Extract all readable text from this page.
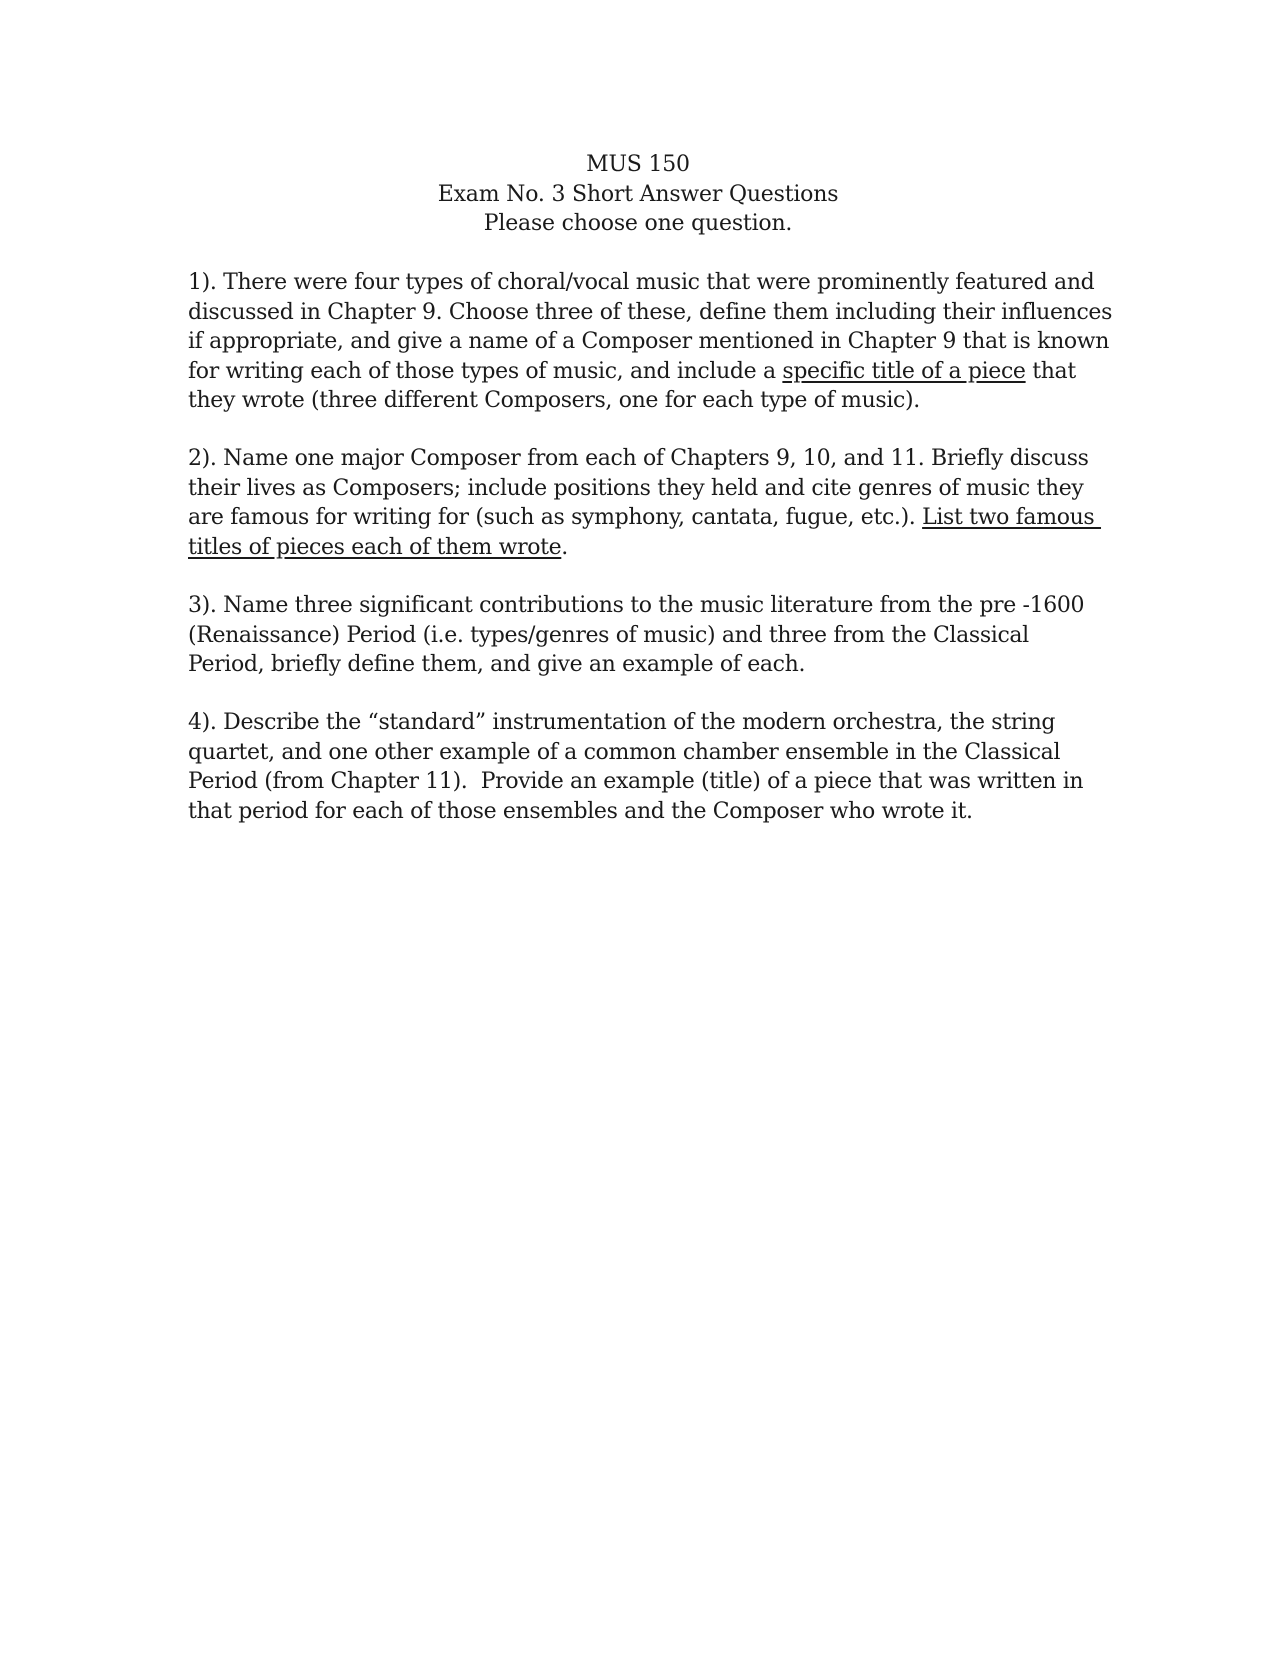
MUS 150
Exam No. 3 Short Answer Questions
Please choose one question.
1). There were four types of choral/vocal music that were prominently featured and
discussed in Chapter 9. Choose three of these, define them including their influences
if appropriate, and give a name of a Composer mentioned in Chapter 9 that is known
for writing each of those types of music, and include a specific title of a piece that
they wrote (three different Composers, one for each type of music).
2). Name one major Composer from each of Chapters 9, 10, and 11. Briefly discuss
their lives as Composers; include positions they held and cite genres of music they
are famous for writing for (such as symphony, cantata, fugue, etc.). List two famous
titles of pieces each of them wrote.
3). Name three significant contributions to the music literature from the pre -1600
(Renaissance) Period (i.e. types/genres of music) and three from the Classical
Period, briefly define them, and give an example of each.
4). Describe the “standard” instrumentation of the modern orchestra, the string
quartet, and one other example of a common chamber ensemble in the Classical
Period (from Chapter 11).  Provide an example (title) of a piece that was written in
that period for each of those ensembles and the Composer who wrote it.
